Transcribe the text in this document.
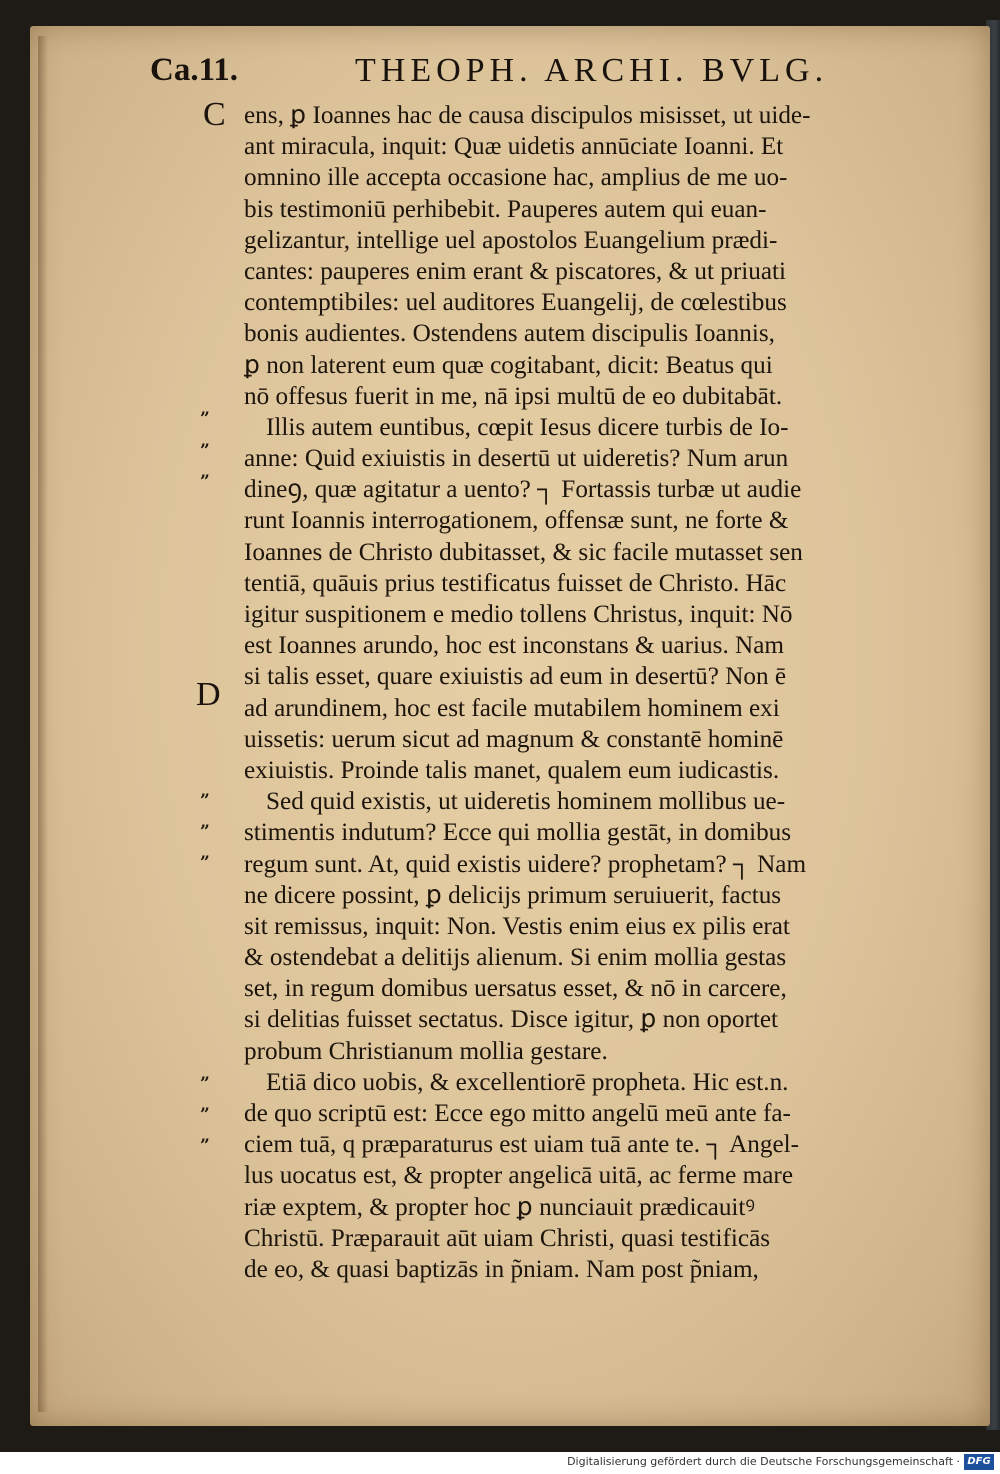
Ca.11.	THEOPH. ARCHI. BVLG.
C
D
”
”
”
”
”
”
”
”
”
ens, ꝑ Ioannes hac de causa discipulos misisset, ut uide-
ant miracula, inquit: Quæ uidetis annūciate Ioanni. Et
omnino ille accepta occasione hac, amplius de me uo-
bis testimoniū perhibebit. Pauperes autem qui euan-
gelizantur, intellige uel apostolos Euangelium prædi-
cantes: pauperes enim erant & piscatores, & ut priuati
contemptibiles: uel auditores Euangelij, de cœlestibus
bonis audientes. Ostendens autem discipulis Ioannis,
ꝑ non laterent eum quæ cogitabant, dicit: Beatus qui
nō offesus fuerit in me, nā ipsi multū de eo dubitabāt.
Illis autem euntibus, cœpit Iesus dicere turbis de Io-
anne: Quid exiuistis in desertū ut uideretis? Num arun
dineꝯ, quæ agitatur a uento? ┐ Fortassis turbæ ut audie
runt Ioannis interrogationem, offensæ sunt, ne forte &
Ioannes de Christo dubitasset, & sic facile mutasset sen
tentiā, quāuis prius testificatus fuisset de Christo. Hāc
igitur suspitionem e medio tollens Christus, inquit: Nō
est Ioannes arundo, hoc est inconstans & uarius. Nam
si talis esset, quare exiuistis ad eum in desertū? Non ē
ad arundinem, hoc est facile mutabilem hominem exi
uissetis: uerum sicut ad magnum & constantē hominē
exiuistis. Proinde talis manet, qualem eum iudicastis.
Sed quid existis, ut uideretis hominem mollibus ue-
stimentis indutum? Ecce qui mollia gestāt, in domibus
regum sunt. At, quid existis uidere? prophetam? ┐ Nam
ne dicere possint, ꝑ delicijs primum seruiuerit, factus
sit remissus, inquit: Non. Vestis enim eius ex pilis erat
& ostendebat a delitijs alienum. Si enim mollia gestas
set, in regum domibus uersatus esset, & nō in carcere,
si delitias fuisset sectatus. Disce igitur, ꝑ non oportet
probum Christianum mollia gestare.
Etiā dico uobis, & excellentiorē propheta. Hic est.n.
de quo scriptū est: Ecce ego mitto angelū meū ante fa-
ciem tuā, q præparaturus est uiam tuā ante te. ┐ Angel-
lus uocatus est, & propter angelicā uitā, ac ferme mare
riæ exptem, & propter hoc ꝑ nunciauit prædicauitꝰ
Christū. Præparauit aūt uiam Christi, quasi testificās
de eo, & quasi baptizās in p̃niam. Nam post p̃niam,
Digitalisierung gefördert durch die Deutsche Forschungsgemeinschaft · DFG
